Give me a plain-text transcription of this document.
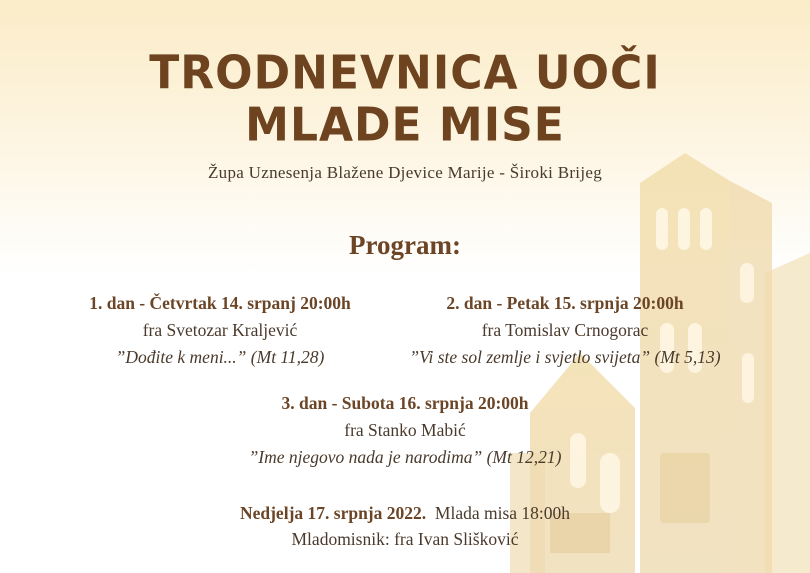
TRODNEVNICA UOČI
MLADE MISE
Župa Uznesenja Blažene Djevice Marije - Široki Brijeg
Program:
1. dan - Četvrtak 14. srpanj 20:00h
fra Svetozar Kraljević
”Dođite k meni...” (Mt 11,28)
2. dan - Petak 15. srpnja 20:00h
fra Tomislav Crnogorac
”Vi ste sol zemlje i svjetlo svijeta” (Mt 5,13)
3. dan - Subota 16. srpnja 20:00h
fra Stanko Mabić
”Ime njegovo nada je narodima” (Mt 12,21)
Nedjelja 17. srpnja 2022. Mlada misa 18:00h
Mladomisnik: fra Ivan Slišković
